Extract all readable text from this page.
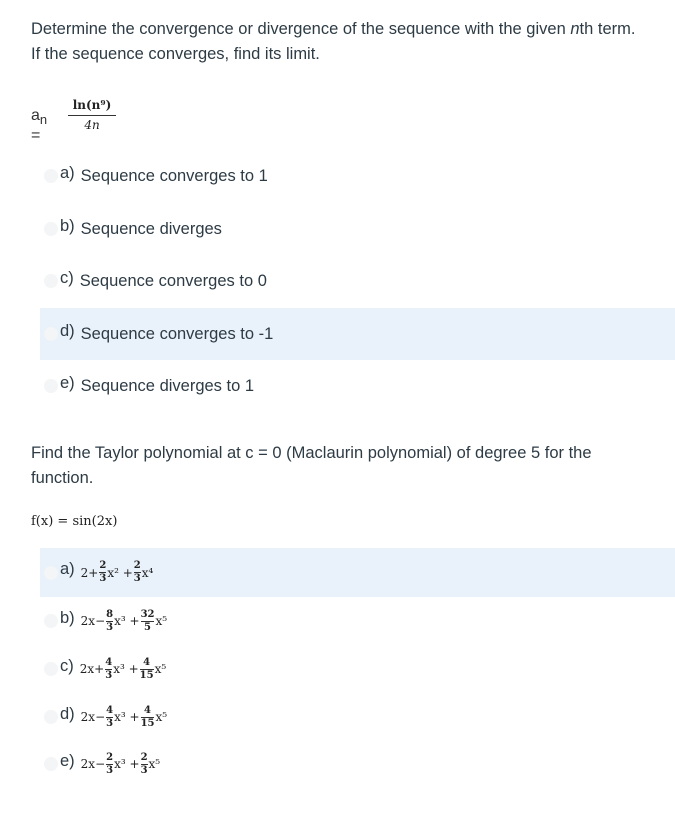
Determine the convergence or divergence of the sequence with the given nth term.
If the sequence converges, find its limit.
$a_n$ =
ln(n⁹)
4n
a) Sequence converges to 1
b) Sequence diverges
c) Sequence converges to 0
d) Sequence converges to -1
e) Sequence diverges to 1
Find the Taylor polynomial at c = 0 (Maclaurin polynomial) of degree 5 for the
function.
f(x) = sin(2x)
a) 2+ 2
3 x² + 2
3 x⁴
b) 2x− 8
3 x³ + 32
5 x⁵
c) 2x+ 4
3 x³ + 4
15 x⁵
d) 2x− 4
3 x³ + 4
15 x⁵
e) 2x− 2
3 x³ + 2
3 x⁵
